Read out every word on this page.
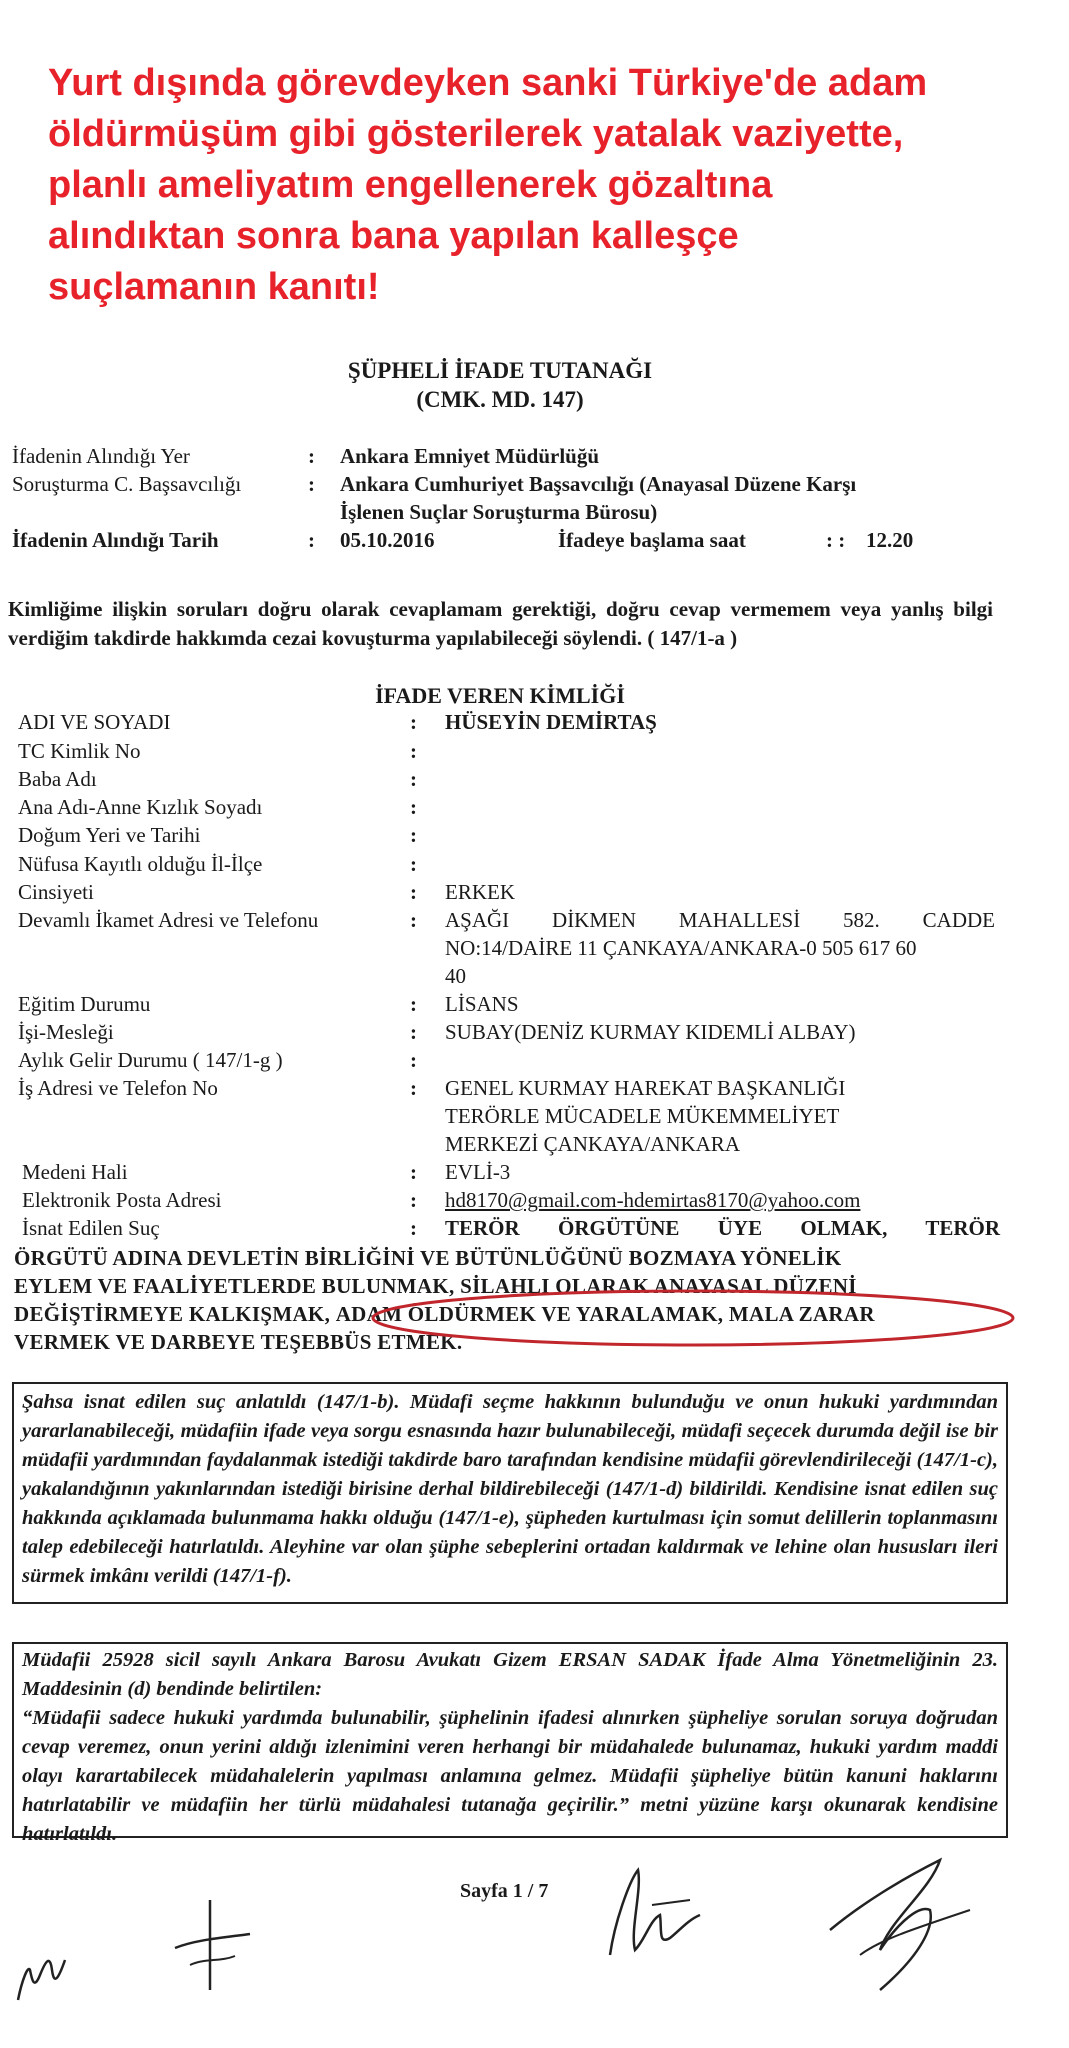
Yurt dışında görevdeyken sanki Türkiye'de adam
öldürmüşüm gibi gösterilerek yatalak vaziyette,
planlı ameliyatım engellenerek gözaltına
alındıktan sonra bana yapılan kalleşçe
suçlamanın kanıtı!
ŞÜPHELİ İFADE TUTANAĞI
(CMK. MD. 147)
İfadenin Alındığı Yer	: Ankara Emniyet Müdürlüğü
Soruşturma C. Başsavcılığı	: Ankara Cumhuriyet Başsavcılığı (Anayasal Düzene Karşı
İşlenen Suçlar Soruşturma Bürosu)
İfadenin Alındığı Tarih	: 05.10.2016	İfadeye başlama saat	: : 12.20
Kimliğime ilişkin soruları doğru olarak cevaplamam gerektiği, doğru cevap vermemem veya yanlış bilgi verdiğim takdirde hakkımda cezai kovuşturma yapılabileceği söylendi. ( 147/1-a )
İFADE VEREN KİMLİĞİ
ADI VE SOYADI	: HÜSEYİN DEMİRTAŞ
TC Kimlik No	:
Baba Adı	:
Ana Adı-Anne Kızlık Soyadı	:
Doğum Yeri ve Tarihi	:
Nüfusa Kayıtlı olduğu İl-İlçe	:
Cinsiyeti	: ERKEK
Devamlı İkamet Adresi ve Telefonu	: AŞAĞI DİKMEN MAHALLESİ 582. CADDE
NO:14/DAİRE 11 ÇANKAYA/ANKARA-0 505 617 60
40
Eğitim Durumu	: LİSANS
İşi-Mesleği	: SUBAY(DENİZ KURMAY KIDEMLİ ALBAY)
Aylık Gelir Durumu ( 147/1-g )	:
İş Adresi ve Telefon No	: GENEL KURMAY HAREKAT BAŞKANLIĞI
TERÖRLE MÜCADELE MÜKEMMELİYET
MERKEZİ ÇANKAYA/ANKARA
Medeni Hali	: EVLİ-3
Elektronik Posta Adresi	: hd8170@gmail.com-hdemirtas8170@yahoo.com
İsnat Edilen Suç	: TERÖR ÖRGÜTÜNE ÜYE OLMAK, TERÖR
ÖRGÜTÜ ADINA DEVLETİN BİRLİĞİNİ VE BÜTÜNLÜĞÜNÜ BOZMAYA YÖNELİK
EYLEM VE FAALİYETLERDE BULUNMAK, SİLAHLI OLARAK ANAYASAL DÜZENİ
DEĞİŞTİRMEYE KALKIŞMAK, ADAM ÖLDÜRMEK VE YARALAMAK, MALA ZARAR
VERMEK VE DARBEYE TEŞEBBÜS ETMEK.

Şahsa isnat edilen suç anlatıldı (147/1-b). Müdafi seçme hakkının bulunduğu ve onun hukuki yardımından yararlanabileceği, müdafiin ifade veya sorgu esnasında hazır bulunabileceği, müdafi seçecek durumda değil ise bir müdafii yardımından faydalanmak istediği takdirde baro tarafından kendisine müdafii görevlendirileceği (147/1-c), yakalandığının yakınlarından istediği birisine derhal bildirebileceği (147/1-d) bildirildi. Kendisine isnat edilen suç hakkında açıklamada bulunmama hakkı olduğu (147/1-e), şüpheden kurtulması için somut delillerin toplanmasını talep edebileceği hatırlatıldı. Aleyhine var olan şüphe sebeplerini ortadan kaldırmak ve lehine olan hususları ileri sürmek imkânı verildi (147/1-f).

Müdafii 25928 sicil sayılı Ankara Barosu Avukatı Gizem ERSAN SADAK İfade Alma Yönetmeliğinin 23. Maddesinin (d) bendinde belirtilen:

“Müdafii sadece hukuki yardımda bulunabilir, şüphelinin ifadesi alınırken şüpheliye sorulan soruya doğrudan cevap veremez, onun yerini aldığı izlenimini veren herhangi bir müdahalede bulunamaz, hukuki yardım maddi olayı karartabilecek müdahalelerin yapılması anlamına gelmez. Müdafii şüpheliye bütün kanuni haklarını hatırlatabilir ve müdafiin her türlü müdahalesi tutanağa geçirilir.” metni yüzüne karşı okunarak kendisine hatırlatıldı.

Sayfa 1 / 7
